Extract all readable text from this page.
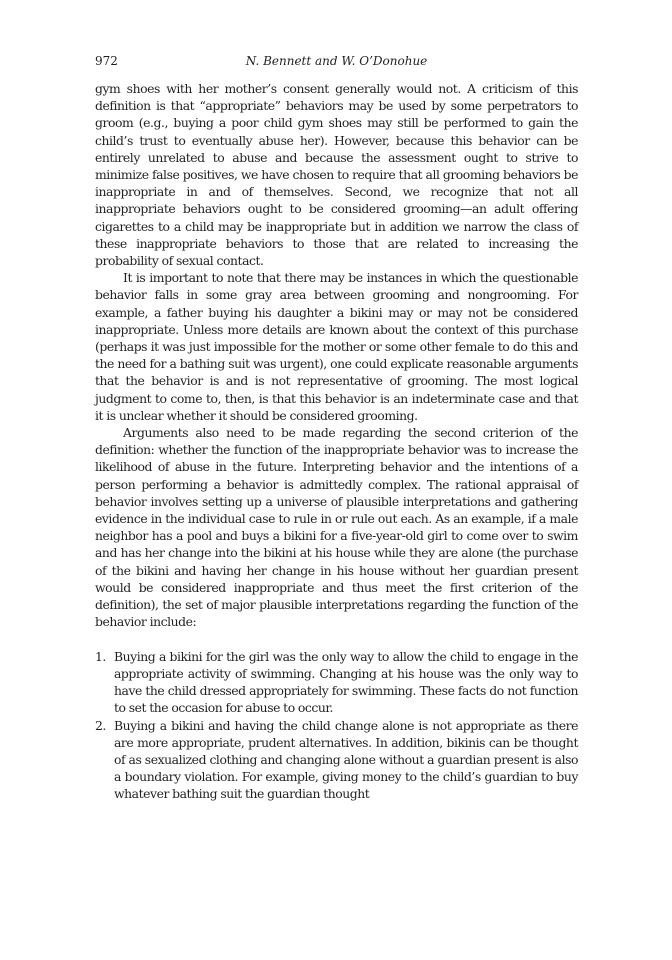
972	N. Bennett and W. O’Donohue

gym shoes with her mother’s consent generally would not. A criticism of this definition is that “appropriate” behaviors may be used by some perpetrators to groom (e.g., buying a poor child gym shoes may still be performed to gain the child’s trust to eventually abuse her). However, because this behavior can be entirely unrelated to abuse and because the assessment ought to strive to minimize false positives, we have chosen to require that all grooming behaviors be inappropriate in and of themselves. Second, we recognize that not all inappropriate behaviors ought to be considered grooming—an adult offering cigarettes to a child may be inappropriate but in addition we narrow the class of these inappropriate behaviors to those that are related to increasing the probability of sexual contact.

It is important to note that there may be instances in which the questionable behavior falls in some gray area between grooming and nongrooming. For example, a father buying his daughter a bikini may or may not be considered inappropriate. Unless more details are known about the context of this purchase (perhaps it was just impossible for the mother or some other female to do this and the need for a bathing suit was urgent), one could explicate reasonable arguments that the behavior is and is not representative of grooming. The most logical judgment to come to, then, is that this behavior is an indeterminate case and that it is unclear whether it should be considered grooming.

Arguments also need to be made regarding the second criterion of the definition: whether the function of the inappropriate behavior was to increase the likelihood of abuse in the future. Interpreting behavior and the intentions of a person performing a behavior is admittedly complex. The rational appraisal of behavior involves setting up a universe of plausible interpretations and gathering evidence in the individual case to rule in or rule out each. As an example, if a male neighbor has a pool and buys a bikini for a five-year-old girl to come over to swim and has her change into the bikini at his house while they are alone (the purchase of the bikini and having her change in his house without her guardian present would be considered inappropriate and thus meet the first criterion of the definition), the set of major plausible interpretations regarding the function of the behavior include:

1. Buying a bikini for the girl was the only way to allow the child to engage in the appropriate activity of swimming. Changing at his house was the only way to have the child dressed appropriately for swimming. These facts do not function to set the occasion for abuse to occur.
2. Buying a bikini and having the child change alone is not appropriate as there are more appropriate, prudent alternatives. In addition, bikinis can be thought of as sexualized clothing and changing alone without a guardian present is also a boundary violation. For example, giving money to the child’s guardian to buy whatever bathing suit the guardian thought
